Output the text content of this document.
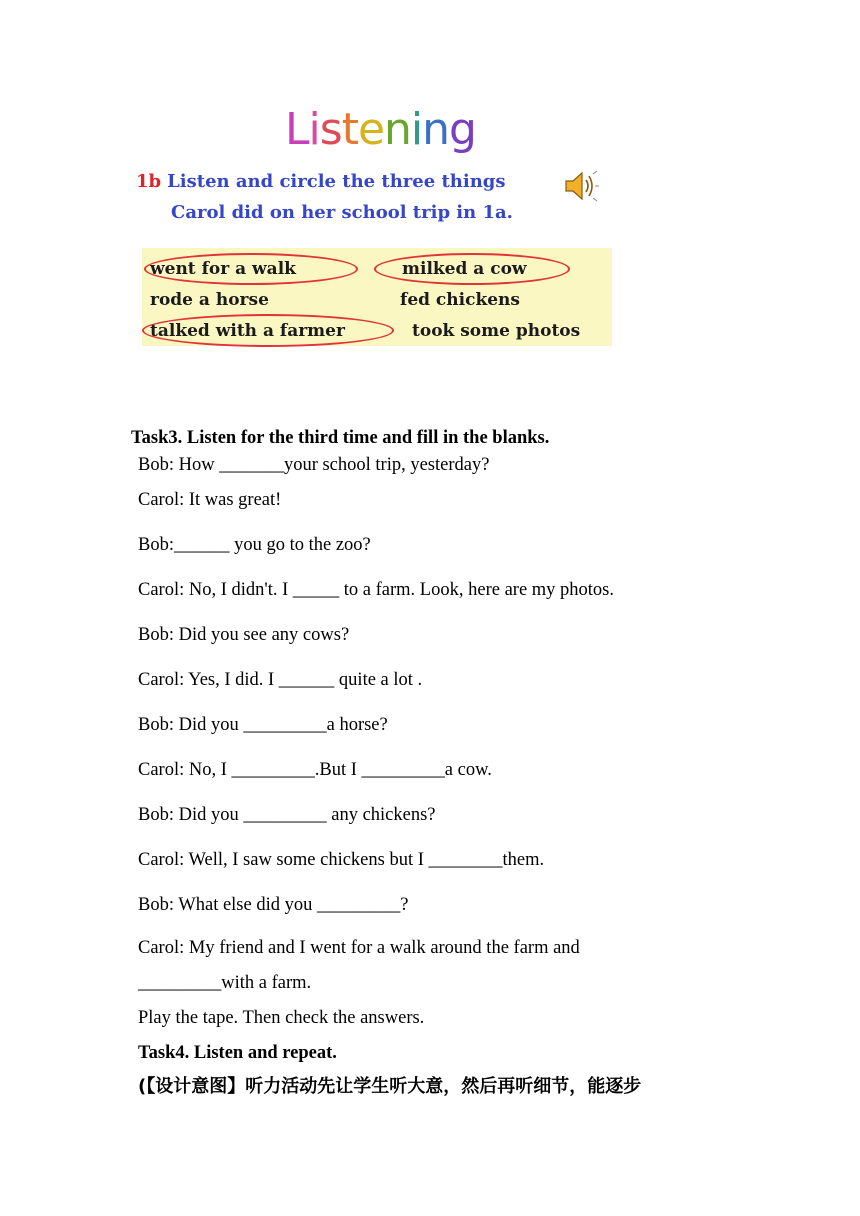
Listening
1b Listen and circle the three things
Carol did on her school trip in 1a.
went for a walk	milked a cow
rode a horse	fed chickens
talked with a farmer	took some photos
Task3. Listen for the third time and fill in the blanks.
Bob: How _______your school trip, yesterday?
Carol: It was great!
Bob:______ you go to the zoo?
Carol: No, I didn't. I _____ to a farm. Look, here are my photos.
Bob: Did you see any cows?
Carol: Yes, I did. I ______ quite a lot .
Bob: Did you _________a horse?
Carol: No, I _________.But I _________a cow.
Bob: Did you _________ any chickens?
Carol: Well, I saw some chickens but I ________them.
Bob: What else did you _________?
Carol: My friend and I went for a walk around the farm and
_________with a farm.
Play the tape. Then check the answers.
Task4. Listen and repeat.
(【设计意图】听力活动先让学生听大意，然后再听细节，能逐步
